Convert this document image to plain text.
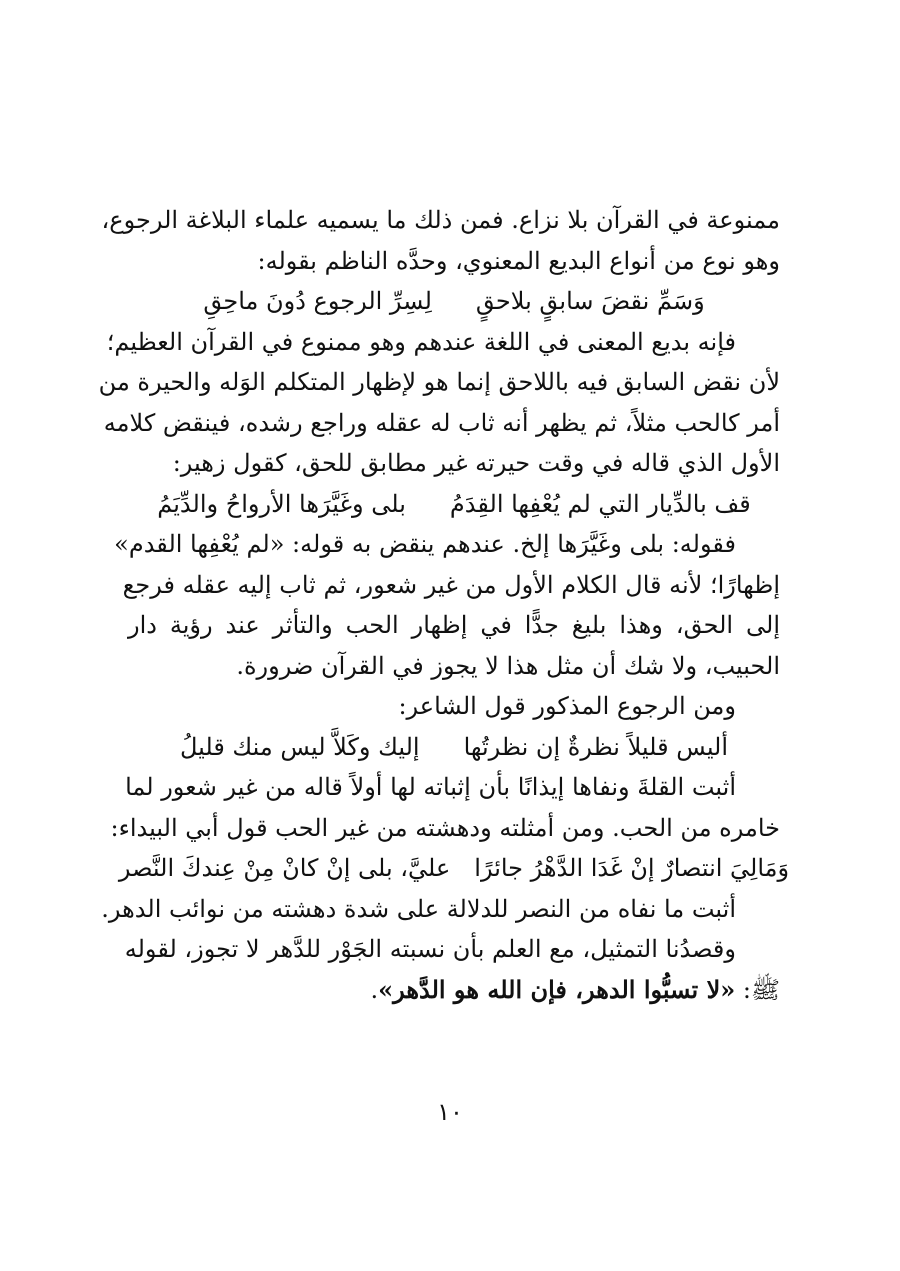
ممنوعة في القرآن بلا نزاع. فمن ذلك ما يسميه علماء البلاغة الرجوع،
وهو نوع من أنواع البديع المعنوي، وحدَّه الناظم بقوله:
وَسَمِّ نقضَ سابقٍ بلاحقٍ
لِسِرِّ الرجوع دُونَ ماحِقِ
فإنه بديع المعنى في اللغة عندهم وهو ممنوع في القرآن العظيم؛
لأن نقض السابق فيه باللاحق إنما هو لإظهار المتكلم الوَله والحيرة من
أمر كالحب مثلاً، ثم يظهر أنه ثاب له عقله وراجع رشده، فينقض كلامه
الأول الذي قاله في وقت حيرته غير مطابق للحق، كقول زهير:
قف بالدِّيار التي لم يُعْفِها القِدَمُ
بلى وغَيَّرَها الأرواحُ والدِّيَمُ
فقوله: بلى وغَيَّرَها إلخ. عندهم ينقض به قوله: «لم يُعْفِها القدم»
إظهارًا؛ لأنه قال الكلام الأول من غير شعور، ثم ثاب إليه عقله فرجع
إلى الحق، وهذا بليغ جدًّا في إظهار الحب والتأثر عند رؤية دار
الحبيب، ولا شك أن مثل هذا لا يجوز في القرآن ضرورة.
ومن الرجوع المذكور قول الشاعر:
أليس قليلاً نظرةٌ إن نظرتُها
إليك وكَلاَّ ليس منك قليلُ
أثبت القلةَ ونفاها إيذانًا بأن إثباته لها أولاً قاله من غير شعور لما
خامره من الحب. ومن أمثلته ودهشته من غير الحب قول أبي البيداء:
وَمَالِيَ انتصارٌ إنْ غَدَا الدَّهْرُ جائرًا
عليَّ، بلى إنْ كانْ مِنْ عِندكَ النَّصر
أثبت ما نفاه من النصر للدلالة على شدة دهشته من نوائب الدهر.
وقصدُنا التمثيل، مع العلم بأن نسبته الجَوْر للدَّهر لا تجوز، لقوله
ﷺ: «لا تسبُّوا الدهر، فإن الله هو الدَّهر».
١٠
